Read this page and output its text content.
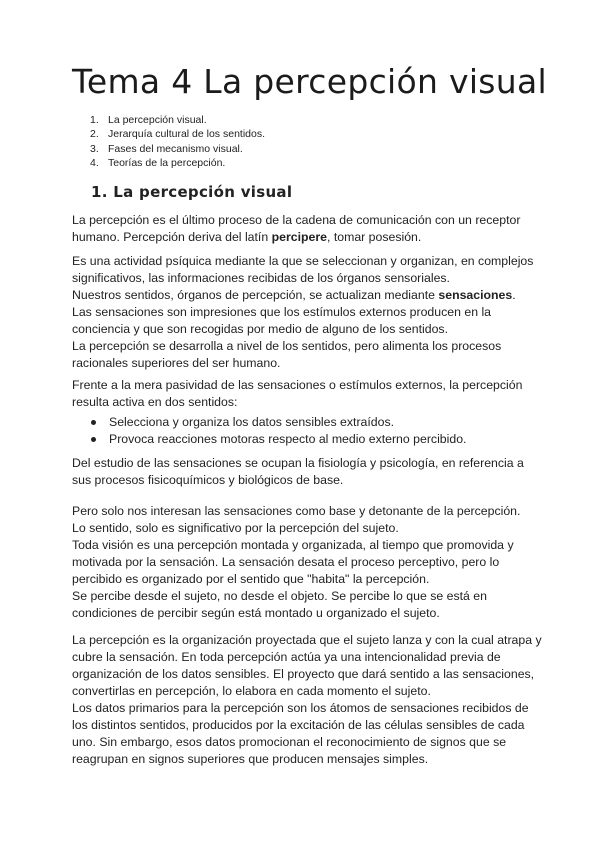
Tema 4 La percepción visual
1. La percepción visual.
2. Jerarquía cultural de los sentidos.
3. Fases del mecanismo visual.
4. Teorías de la percepción.
1. La percepción visual

La percepción es el último proceso de la cadena de comunicación con un receptor humano. Percepción deriva del latín percipere, tomar posesión.

Es una actividad psíquica mediante la que se seleccionan y organizan, en complejos significativos, las informaciones recibidas de los órganos sensoriales.
Nuestros sentidos, órganos de percepción, se actualizan mediante sensaciones.
Las sensaciones son impresiones que los estímulos externos producen en la conciencia y que son recogidas por medio de alguno de los sentidos.

La percepción se desarrolla a nivel de los sentidos, pero alimenta los procesos racionales superiores del ser humano.

Frente a la mera pasividad de las sensaciones o estímulos externos, la percepción resulta activa en dos sentidos:

Selecciona y organiza los datos sensibles extraídos.
Provoca reacciones motoras respecto al medio externo percibido.

Del estudio de las sensaciones se ocupan la fisiología y psicología, en referencia a sus procesos fisicoquímicos y biológicos de base.

Pero solo nos interesan las sensaciones como base y detonante de la percepción.
Lo sentido, solo es significativo por la percepción del sujeto.
Toda visión es una percepción montada y organizada, al tiempo que promovida y motivada por la sensación. La sensación desata el proceso perceptivo, pero lo percibido es organizado por el sentido que "habita" la percepción.
Se percibe desde el sujeto, no desde el objeto. Se percibe lo que se está en condiciones de percibir según está montado u organizado el sujeto.

La percepción es la organización proyectada que el sujeto lanza y con la cual atrapa y cubre la sensación. En toda percepción actúa ya una intencionalidad previa de organización de los datos sensibles. El proyecto que dará sentido a las sensaciones, convertirlas en percepción, lo elabora en cada momento el sujeto.
Los datos primarios para la percepción son los átomos de sensaciones recibidos de los distintos sentidos, producidos por la excitación de las células sensibles de cada uno. Sin embargo, esos datos promocionan el reconocimiento de signos que se reagrupan en signos superiores que producen mensajes simples.
